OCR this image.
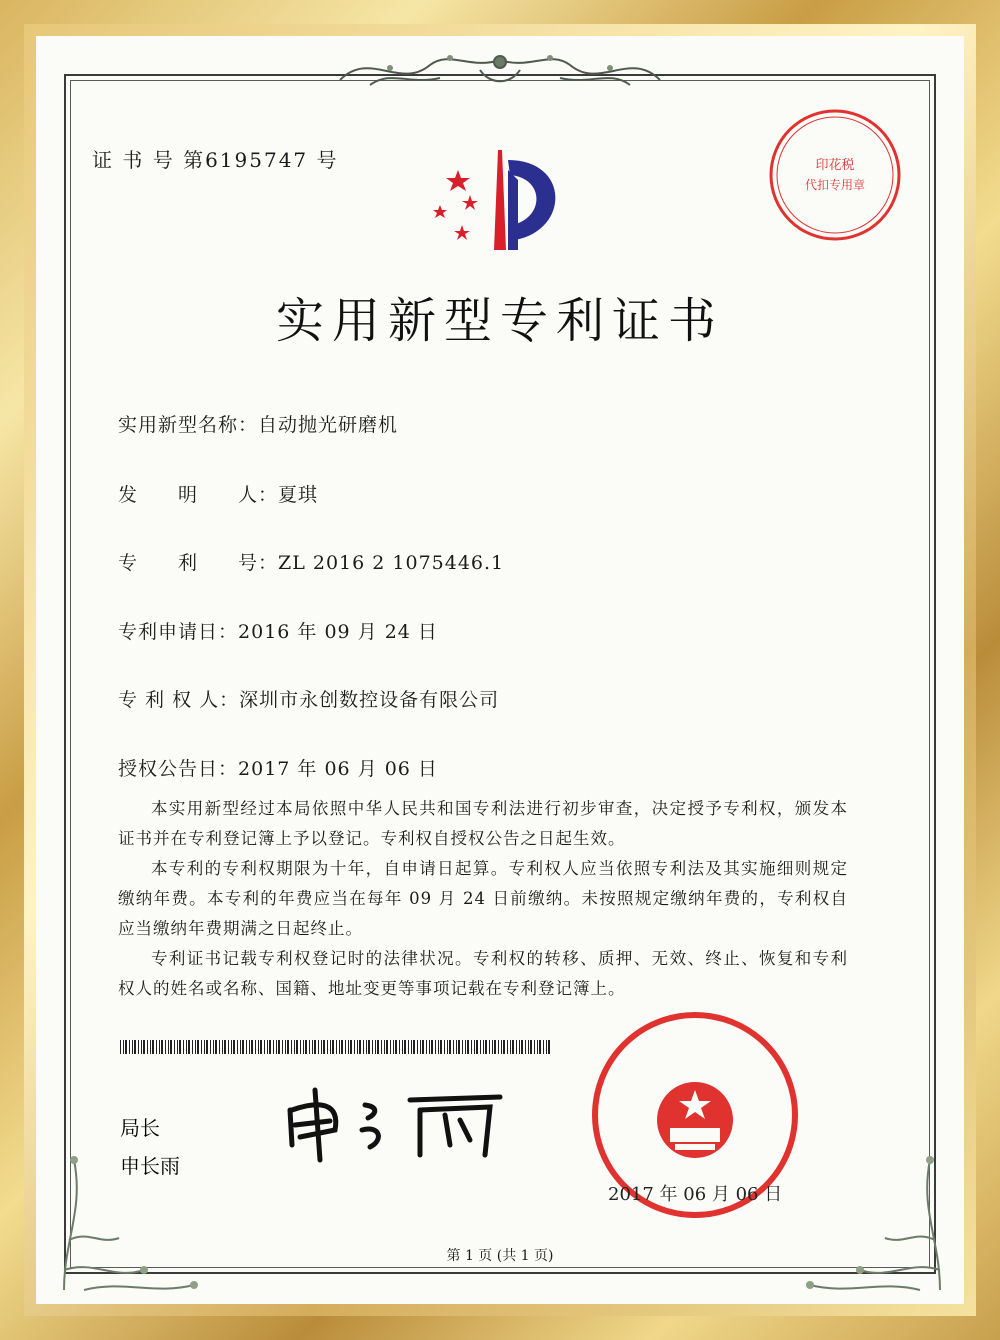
证 书 号 第6195747 号	印花税
代扣专用章
实用新型专利证书
实用新型名称：自动抛光研磨机
发　　明　　人：夏琪
专　　利　　号：ZL 2016 2 1075446.1
专利申请日：2016 年 09 月 24 日
专 利 权 人：深圳市永创数控设备有限公司
授权公告日：2017 年 06 月 06 日
本实用新型经过本局依照中华人民共和国专利法进行初步审查，决定授予专利权，颁发本证书并在专利登记簿上予以登记。专利权自授权公告之日起生效。
本专利的专利权期限为十年，自申请日起算。专利权人应当依照专利法及其实施细则规定缴纳年费。本专利的年费应当在每年 09 月 24 日前缴纳。未按照规定缴纳年费的，专利权自应当缴纳年费期满之日起终止。
专利证书记载专利权登记时的法律状况。专利权的转移、质押、无效、终止、恢复和专利权人的姓名或名称、国籍、地址变更等事项记载在专利登记簿上。
局长
申长雨
2017 年 06 月 06 日
第 1 页 (共 1 页)
